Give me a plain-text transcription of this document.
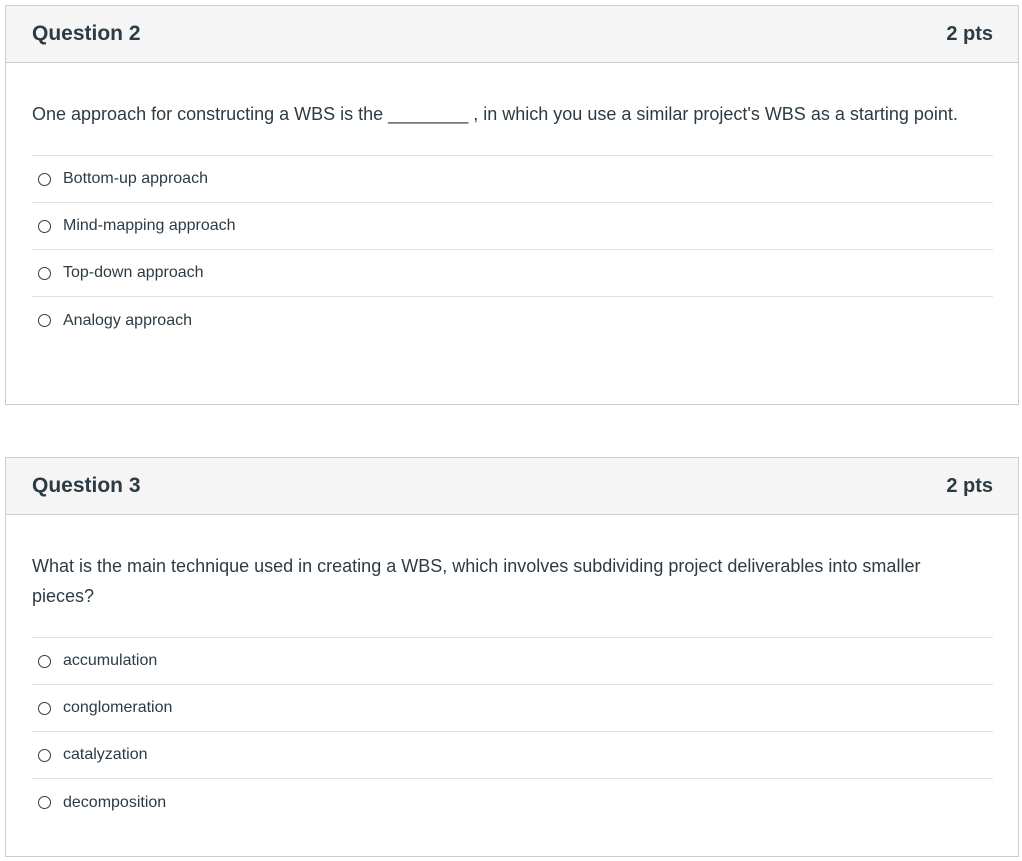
Question 2	2 pts

One approach for constructing a WBS is the ________ , in which you use a similar project's WBS as a starting point.

Bottom-up approach
Mind-mapping approach
Top-down approach
Analogy approach
Question 3	2 pts

What is the main technique used in creating a WBS, which involves subdividing project deliverables into smaller pieces?

accumulation
conglomeration
catalyzation
decomposition
